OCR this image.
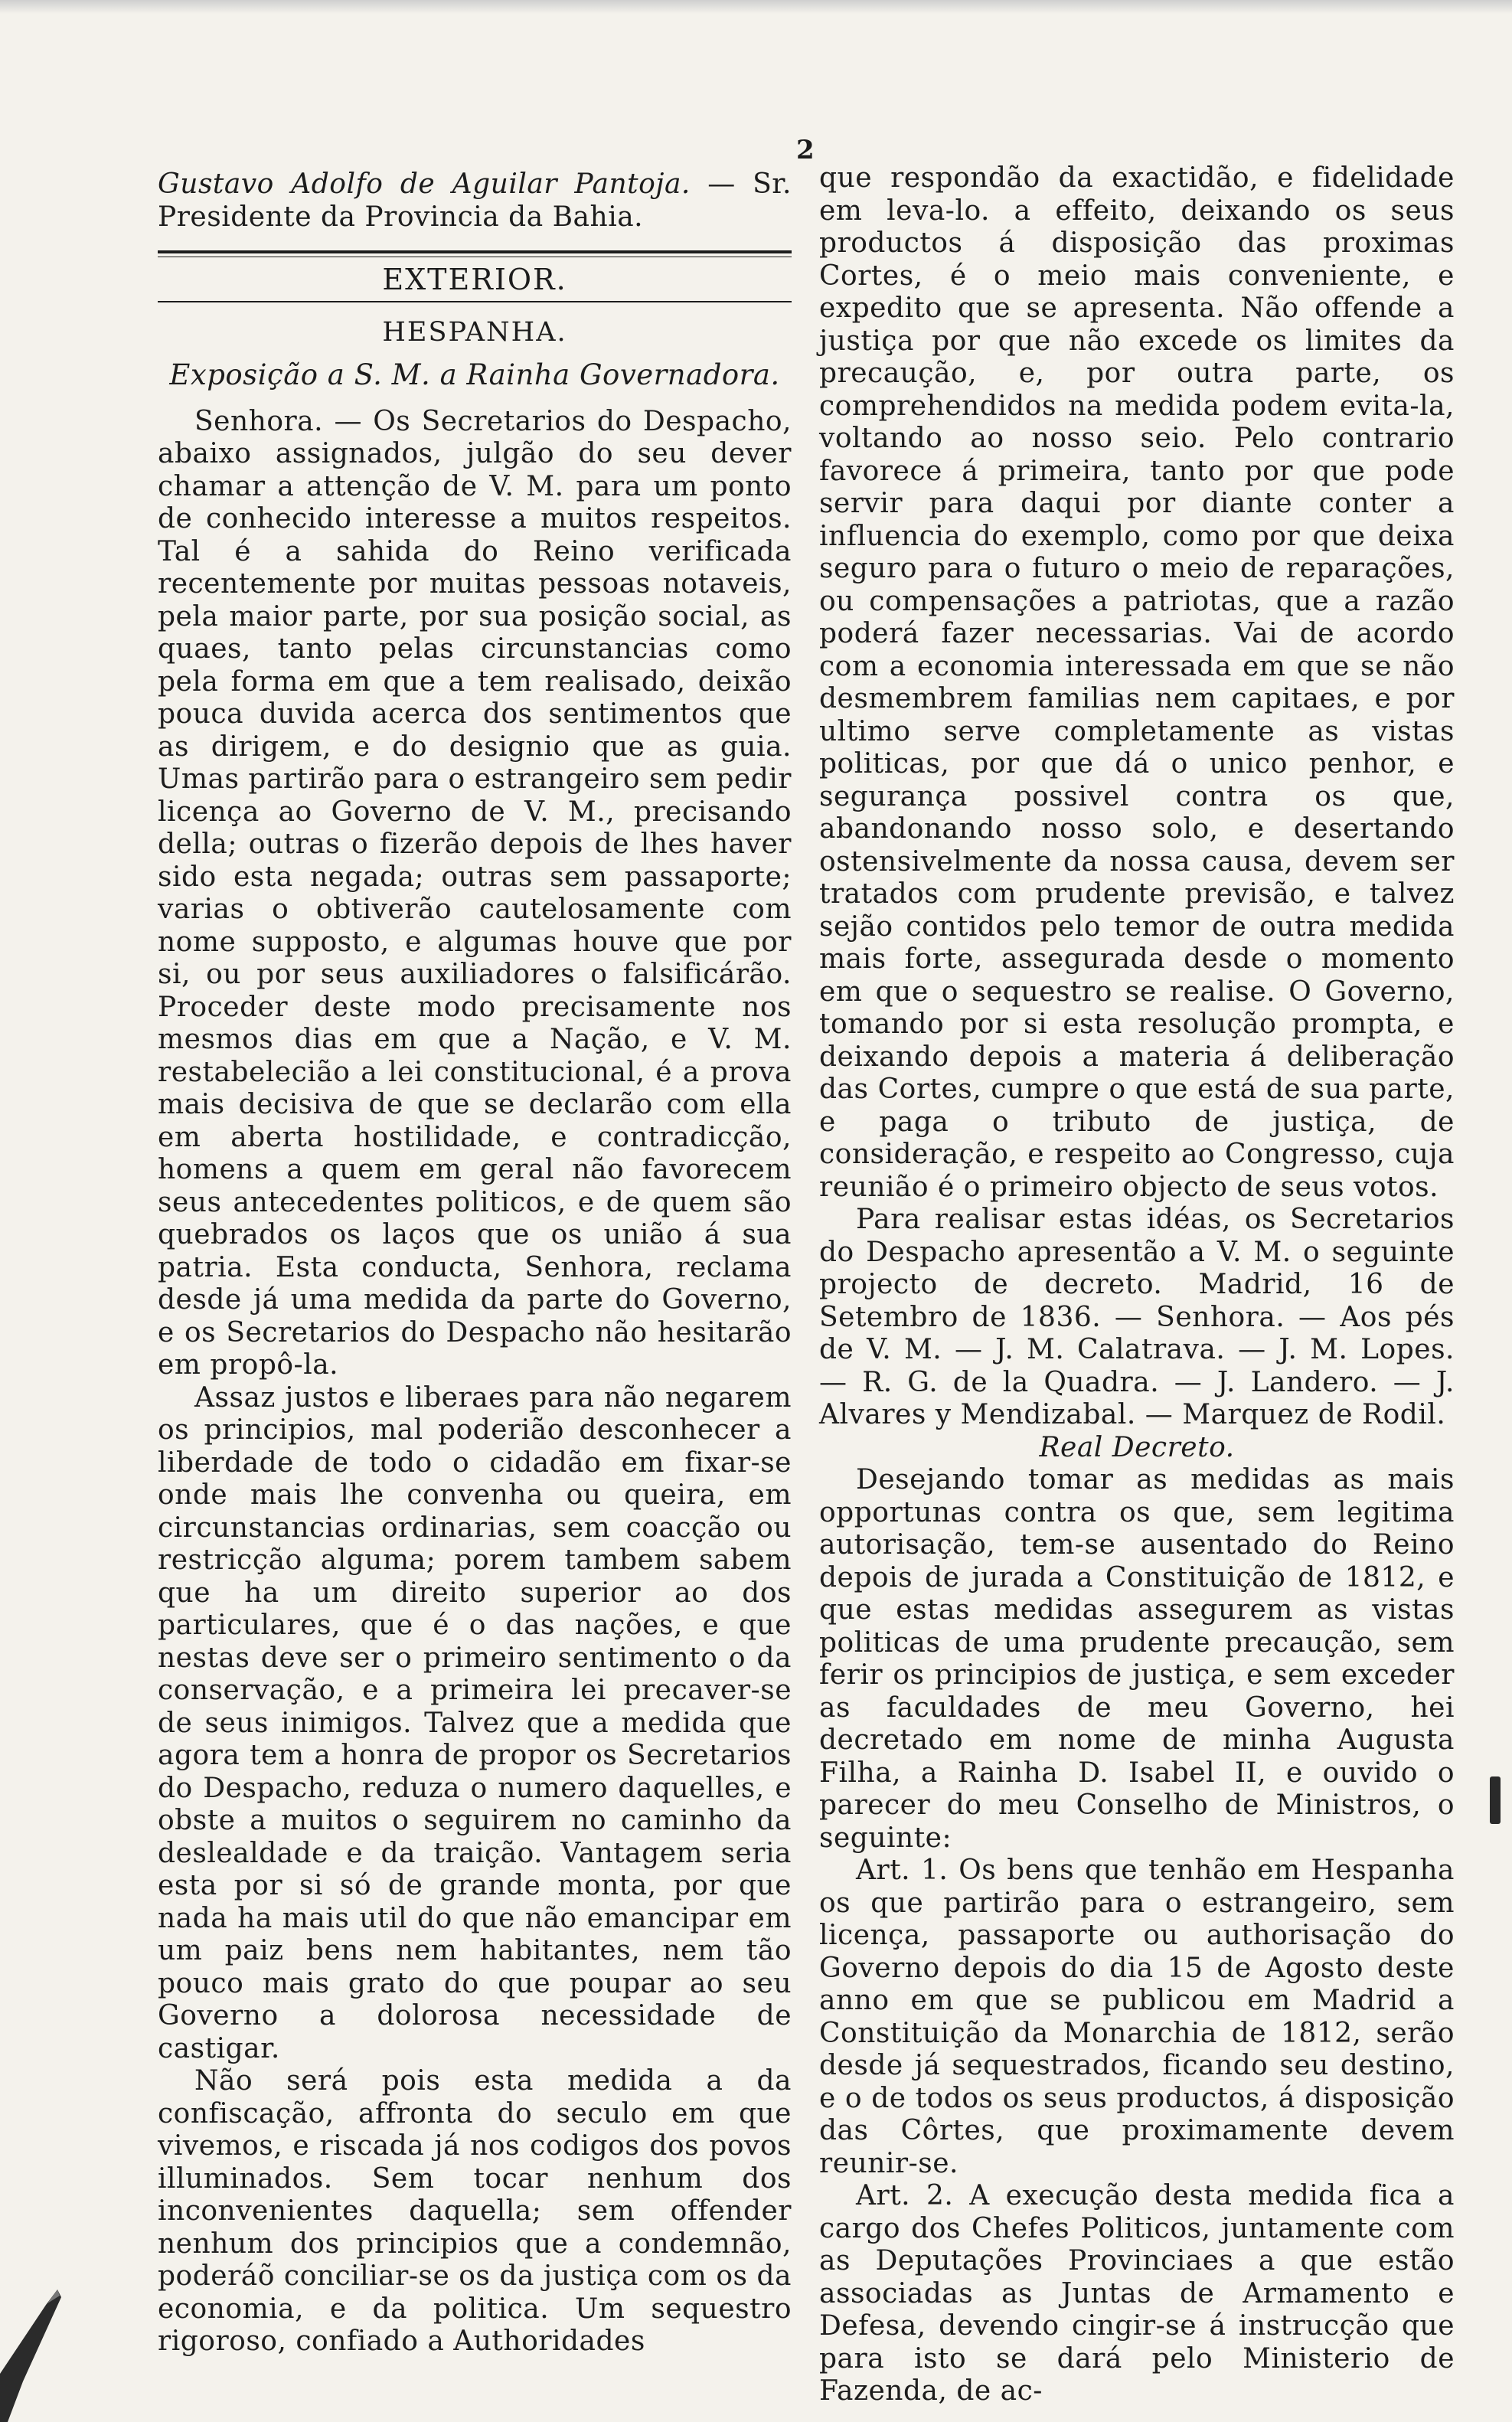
2

Gustavo Adolfo de Aguilar Pantoja. — Sr. Presidente da Provincia da Bahia.

EXTERIOR.
HESPANHA.
Exposição a S. M. a Rainha Governadora.

Senhora. — Os Secretarios do Despacho, abaixo assignados, julgão do seu dever chamar a attenção de V. M. para um ponto de conhecido interesse a muitos respeitos. Tal é a sahida do Reino verificada recentemente por muitas pessoas notaveis, pela maior parte, por sua posição social, as quaes, tanto pelas circunstancias como pela forma em que a tem realisado, deixão pouca duvida acerca dos sentimentos que as dirigem, e do designio que as guia. Umas partirão para o estrangeiro sem pedir licença ao Governo de V. M., precisando della; outras o fizerão depois de lhes haver sido esta negada; outras sem passaporte; varias o obtiverão cautelosamente com nome supposto, e algumas houve que por si, ou por seus auxiliadores o falsificárão. Proceder deste modo precisamente nos mesmos dias em que a Nação, e V. M. restabelecião a lei constitucional, é a prova mais decisiva de que se declarão com ella em aberta hostilidade, e contradicção, homens a quem em geral não favorecem seus antecedentes politicos, e de quem são quebrados os laços que os união á sua patria. Esta conducta, Senhora, reclama desde já uma medida da parte do Governo, e os Secretarios do Despacho não hesitarão em propô-la.

Assaz justos e liberaes para não negarem os principios, mal poderião desconhecer a liberdade de todo o cidadão em fixar-se onde mais lhe convenha ou queira, em circunstancias ordinarias, sem coacção ou restricção alguma; porem tambem sabem que ha um direito superior ao dos particulares, que é o das nações, e que nestas deve ser o primeiro sentimento o da conservação, e a primeira lei precaver-se de seus inimigos. Talvez que a medida que agora tem a honra de propor os Secretarios do Despacho, reduza o numero daquelles, e obste a muitos o seguirem no caminho da deslealdade e da traição. Vantagem seria esta por si só de grande monta, por que nada ha mais util do que não emancipar em um paiz bens nem habitantes, nem tão pouco mais grato do que poupar ao seu Governo a dolorosa necessidade de castigar.

Não será pois esta medida a da confiscação, affronta do seculo em que vivemos, e riscada já nos codigos dos povos illuminados. Sem tocar nenhum dos inconvenientes daquella; sem offender nenhum dos principios que a condemnão, poderáõ conciliar-se os da justiça com os da economia, e da politica. Um sequestro rigoroso, confiado a Authoridades

que respondão da exactidão, e fidelidade em leva-lo. a effeito, deixando os seus productos á disposição das proximas Cortes, é o meio mais conveniente, e expedito que se apresenta. Não offende a justiça por que não excede os limites da precaução, e, por outra parte, os comprehendidos na medida podem evita-la, voltando ao nosso seio. Pelo contrario favorece á primeira, tanto por que pode servir para daqui por diante conter a influencia do exemplo, como por que deixa seguro para o futuro o meio de reparações, ou compensações a patriotas, que a razão poderá fazer necessarias. Vai de acordo com a economia interessada em que se não desmembrem familias nem capitaes, e por ultimo serve completamente as vistas politicas, por que dá o unico penhor, e segurança possivel contra os que, abandonando nosso solo, e desertando ostensivelmente da nossa causa, devem ser tratados com prudente previsão, e talvez sejão contidos pelo temor de outra medida mais forte, assegurada desde o momento em que o sequestro se realise. O Governo, tomando por si esta resolução prompta, e deixando depois a materia á deliberação das Cortes, cumpre o que está de sua parte, e paga o tributo de justiça, de consideração, e respeito ao Congresso, cuja reunião é o primeiro objecto de seus votos.

Para realisar estas idéas, os Secretarios do Despacho apresentão a V. M. o seguinte projecto de decreto. Madrid, 16 de Setembro de 1836. — Senhora. — Aos pés de V. M. — J. M. Calatrava. — J. M. Lopes. — R. G. de la Quadra. — J. Landero. — J. Alvares y Mendizabal. — Marquez de Rodil.

Real Decreto.

Desejando tomar as medidas as mais opportunas contra os que, sem legitima autorisação, tem-se ausentado do Reino depois de jurada a Constituição de 1812, e que estas medidas assegurem as vistas politicas de uma prudente precaução, sem ferir os principios de justiça, e sem exceder as faculdades de meu Governo, hei decretado em nome de minha Augusta Filha, a Rainha D. Isabel II, e ouvido o parecer do meu Conselho de Ministros, o seguinte:

Art. 1. Os bens que tenhão em Hespanha os que partirão para o estrangeiro, sem licença, passaporte ou authorisação do Governo depois do dia 15 de Agosto deste anno em que se publicou em Madrid a Constituição da Monarchia de 1812, serão desde já sequestrados, ficando seu destino, e o de todos os seus productos, á disposição das Côrtes, que proximamente devem reunir-se.

Art. 2. A execução desta medida fica a cargo dos Chefes Politicos, juntamente com as Deputações Provinciaes a que estão associadas as Juntas de Armamento e Defesa, devendo cingir-se á instrucção que para isto se dará pelo Ministerio de Fazenda, de ac-
